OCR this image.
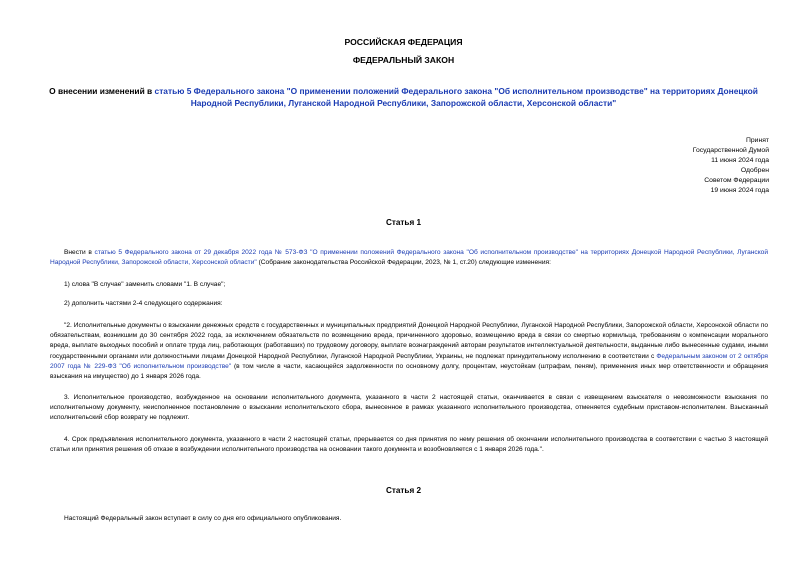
РОССИЙСКАЯ ФЕДЕРАЦИЯ
ФЕДЕРАЛЬНЫЙ ЗАКОН
О внесении изменений в статью 5 Федерального закона "О применении положений Федерального закона "Об исполнительном производстве" на территориях Донецкой Народной Республики, Луганской Народной Республики, Запорожской области, Херсонской области"
Принят
Государственной Думой
11 июня 2024 года
Одобрен
Советом Федерации
19 июня 2024 года
Статья 1
Внести в статью 5 Федерального закона от 29 декабря 2022 года № 573-ФЗ "О применении положений Федерального закона "Об исполнительном производстве" на территориях Донецкой Народной Республики, Луганской Народной Республики, Запорожской области, Херсонской области" (Собрание законодательства Российской Федерации, 2023, № 1, ст.20) следующие изменения:
1) слова "В случае" заменить словами "1. В случае";
2) дополнить частями 2-4 следующего содержания:
"2. Исполнительные документы о взыскании денежных средств с государственных и муниципальных предприятий Донецкой Народной Республики, Луганской Народной Республики, Запорожской области, Херсонской области по обязательствам, возникшим до 30 сентября 2022 года, за исключением обязательств по возмещению вреда, причиненного здоровью, возмещению вреда в связи со смертью кормильца, требованиям о компенсации морального вреда, выплате выходных пособий и оплате труда лиц, работающих (работавших) по трудовому договору, выплате вознаграждений авторам результатов интеллектуальной деятельности, выданные либо вынесенные судами, иными государственными органами или должностными лицами Донецкой Народной Республики, Луганской Народной Республики, Украины, не подлежат принудительному исполнению в соответствии с Федеральным законом от 2 октября 2007 года № 229-ФЗ "Об исполнительном производстве" (в том числе в части, касающейся задолженности по основному долгу, процентам, неустойкам (штрафам, пеням), применения иных мер ответственности и обращения взыскания на имущество) до 1 января 2026 года.
3. Исполнительное производство, возбужденное на основании исполнительного документа, указанного в части 2 настоящей статьи, оканчивается в связи с извещением взыскателя о невозможности взыскания по исполнительному документу, неисполненное постановление о взыскании исполнительского сбора, вынесенное в рамках указанного исполнительного производства, отменяется судебным приставом-исполнителем. Взысканный исполнительский сбор возврату не подлежит.
4. Срок предъявления исполнительного документа, указанного в части 2 настоящей статьи, прерывается со дня принятия по нему решения об окончании исполнительного производства в соответствии с частью 3 настоящей статьи или принятия решения об отказе в возбуждении исполнительного производства на основании такого документа и возобновляется с 1 января 2026 года.".
Статья 2
Настоящий Федеральный закон вступает в силу со дня его официального опубликования.
